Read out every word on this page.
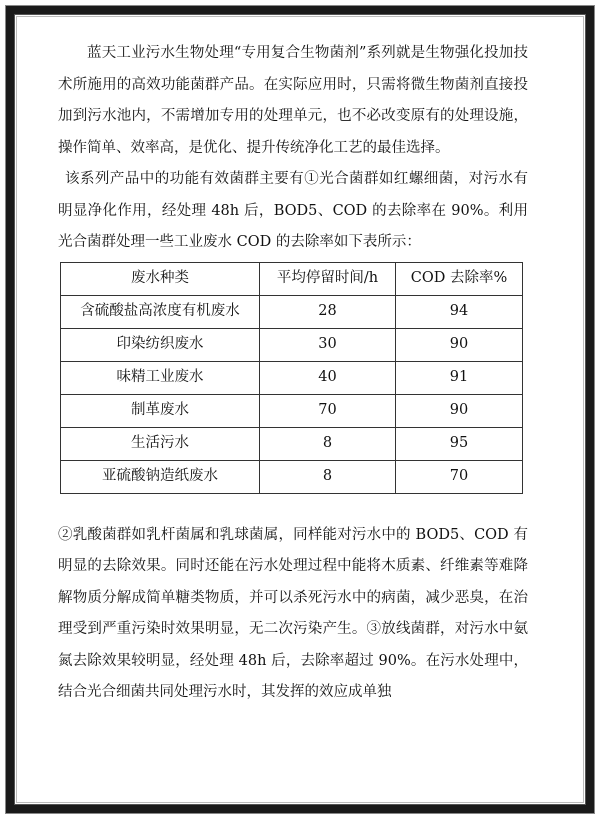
蓝天工业污水生物处理“专用复合生物菌剂”系列就是生物强化投加技术所施用的高效功能菌群产品。在实际应用时，只需将微生物菌剂直接投加到污水池内，不需增加专用的处理单元，也不必改变原有的处理设施，操作简单、效率高，是优化、提升传统净化工艺的最佳选择。

该系列产品中的功能有效菌群主要有①光合菌群如红螺细菌，对污水有明显净化作用，经处理 48h 后，BOD5、COD 的去除率在 90%。利用光合菌群处理一些工业废水 COD 的去除率如下表所示：

废水种类	平均停留时间/h	COD 去除率%
含硫酸盐高浓度有机废水	28	94
印染纺织废水	30	90
味精工业废水	40	91
制革废水	70	90
生活污水	8	95
亚硫酸钠造纸废水	8	70

②乳酸菌群如乳杆菌属和乳球菌属，同样能对污水中的 BOD5、COD 有明显的去除效果。同时还能在污水处理过程中能将木质素、纤维素等难降解物质分解成简单糖类物质，并可以杀死污水中的病菌，减少恶臭，在治理受到严重污染时效果明显，无二次污染产生。③放线菌群，对污水中氨氮去除效果较明显，经处理 48h 后，去除率超过 90%。在污水处理中，结合光合细菌共同处理污水时，其发挥的效应成单独
